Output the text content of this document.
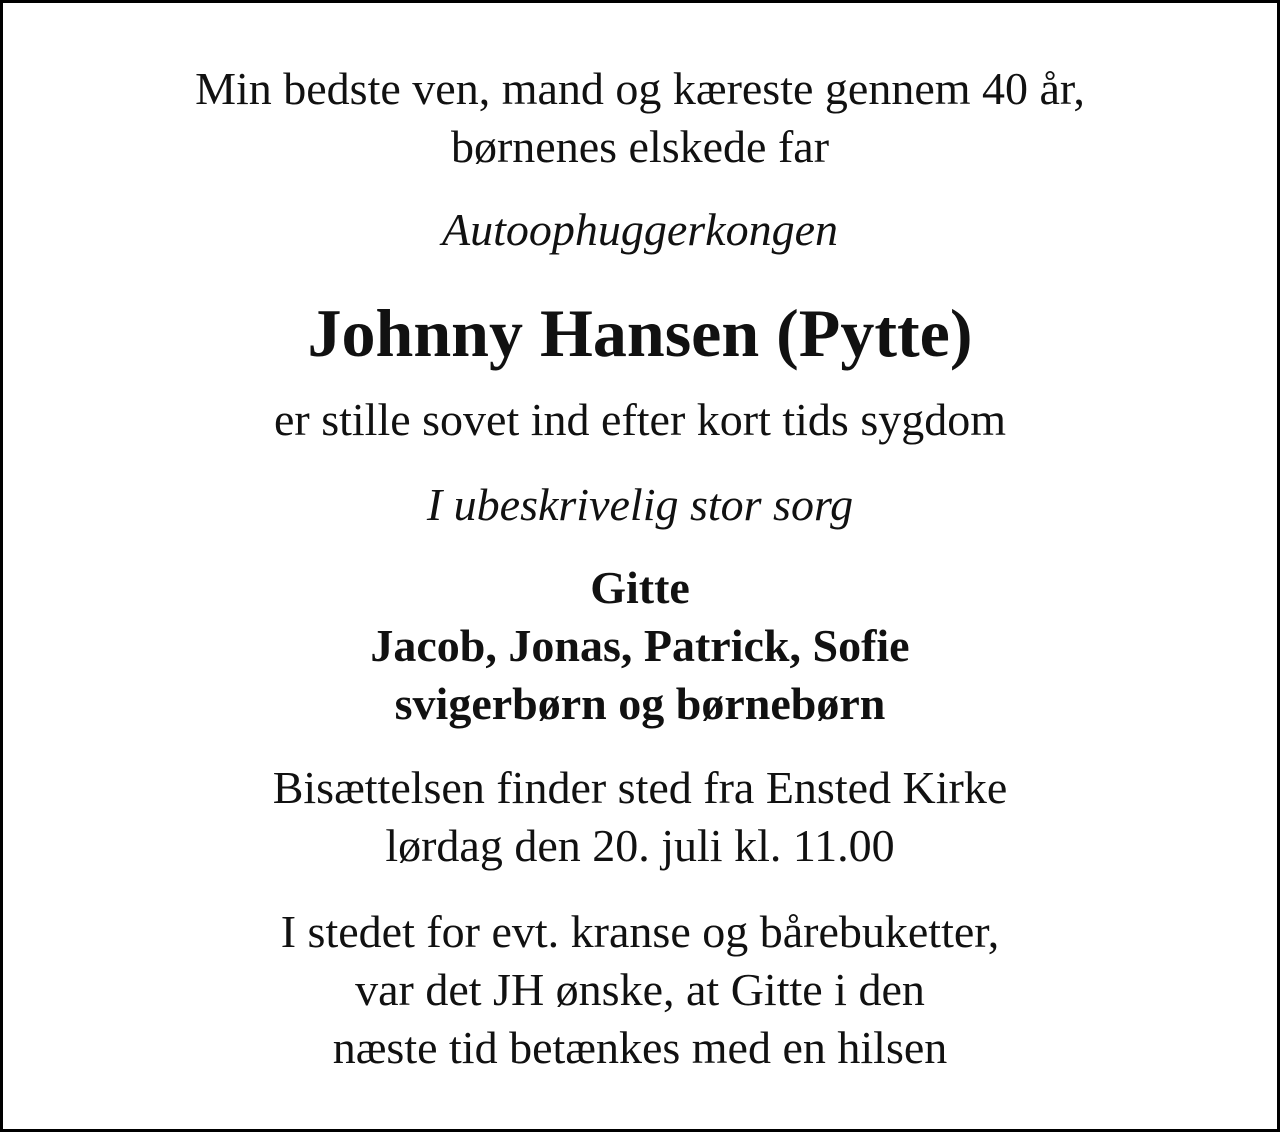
Min bedste ven, mand og kæreste gennem 40 år,
børnenes elskede far
Autoophuggerkongen
Johnny Hansen (Pytte)
er stille sovet ind efter kort tids sygdom
I ubeskrivelig stor sorg
Gitte
Jacob, Jonas, Patrick, Sofie
svigerbørn og børnebørn
Bisættelsen finder sted fra Ensted Kirke
lørdag den 20. juli kl. 11.00
I stedet for evt. kranse og bårebuketter,
var det JH ønske, at Gitte i den
næste tid betænkes med en hilsen
